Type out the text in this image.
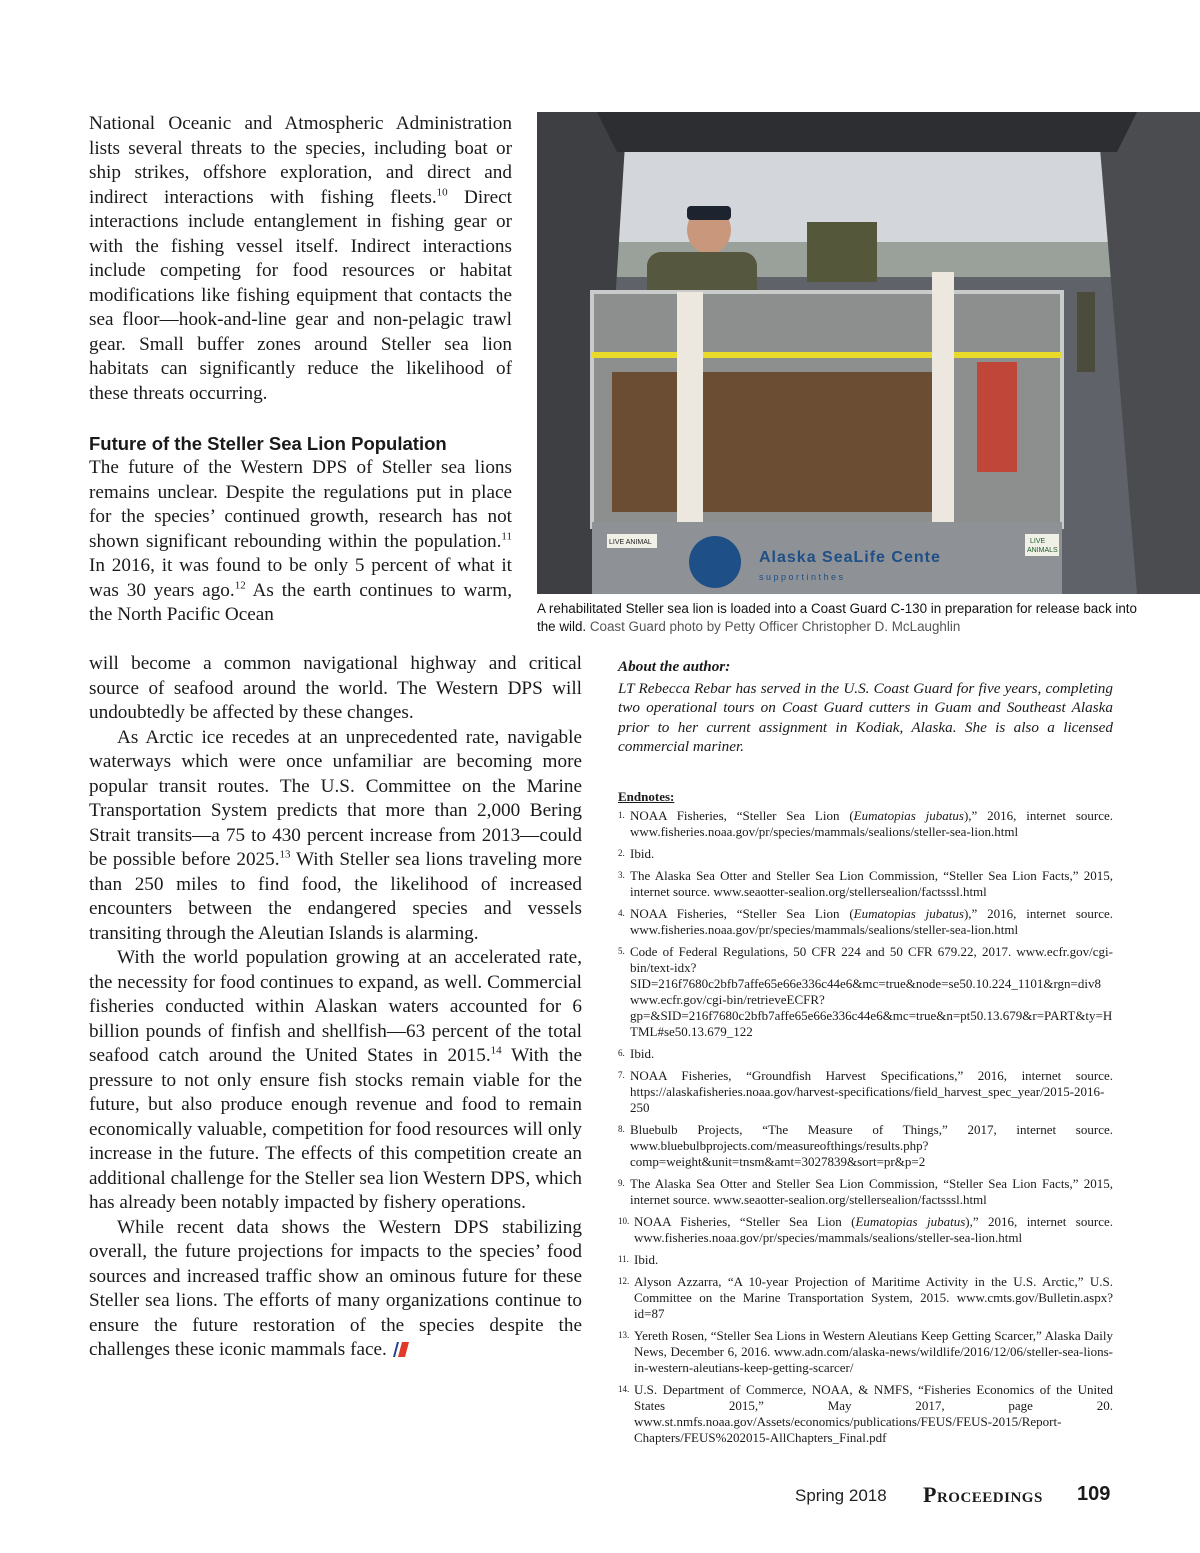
National Oceanic and Atmospheric Administration lists several threats to the species, including boat or ship strikes, offshore exploration, and direct and indirect interactions with fishing fleets.$^{10}$ Direct interactions include entanglement in fishing gear or with the fishing vessel itself. Indirect interactions include competing for food resources or habitat modifications like fishing equipment that contacts the sea floor—hook-and-line gear and non-pelagic trawl gear. Small buffer zones around Steller sea lion habitats can significantly reduce the likelihood of these threats occurring.

Future of the Steller Sea Lion Population

The future of the Western DPS of Steller sea lions remains unclear. Despite the regulations put in place for the species’ continued growth, research has not shown significant rebounding within the population.$^{11}$ In 2016, it was found to be only 5 percent of what it was 30 years ago.$^{12}$ As the earth continues to warm, the North Pacific Ocean

will become a common navigational highway and critical source of seafood around the world. The Western DPS will undoubtedly be affected by these changes.

As Arctic ice recedes at an unprecedented rate, navigable waterways which were once unfamiliar are becoming more popular transit routes. The U.S. Committee on the Marine Transportation System predicts that more than 2,000 Bering Strait transits—a 75 to 430 percent increase from 2013—could be possible before 2025.13 With Steller sea lions traveling more than 250 miles to find food, the likelihood of increased encounters between the endangered species and vessels transiting through the Aleutian Islands is alarming.

With the world population growing at an accelerated rate, the necessity for food continues to expand, as well. Commercial fisheries conducted within Alaskan waters accounted for 6 billion pounds of finfish and shellfish—63 percent of the total seafood catch around the United States in 2015.14 With the pressure to not only ensure fish stocks remain viable for the future, but also produce enough revenue and food to remain economically valuable, competition for food resources will only increase in the future. The effects of this competition create an additional challenge for the Steller sea lion Western DPS, which has already been notably impacted by fishery operations.

While recent data shows the Western DPS stabilizing overall, the future projections for impacts to the species’ food sources and increased traffic show an ominous future for these Steller sea lions. The efforts of many organizations continue to ensure the future restoration of the species despite the challenges these iconic mammals face.

LIVE ANIMAL	LIVE
ANIMALS
Alaska SeaLife Cente
s u p p o r t i n t h e s
A rehabilitated Steller sea lion is loaded into a Coast Guard C-130 in preparation for release back into the wild. Coast Guard photo by Petty Officer Christopher D. McLaughlin
About the author:
LT Rebecca Rebar has served in the U.S. Coast Guard for five years, completing two operational tours on Coast Guard cutters in Guam and Southeast Alaska prior to her current assignment in Kodiak, Alaska. She is also a licensed commercial mariner.
Endnotes:
1. NOAA Fisheries, “Steller Sea Lion (Eumatopias jubatus),” 2016, internet source. www.fisheries.noaa.gov/pr/species/mammals/sealions/steller-sea-lion.html
2. Ibid.
3. The Alaska Sea Otter and Steller Sea Lion Commission, “Steller Sea Lion Facts,” 2015, internet source. www.seaotter-sealion.org/stellersealion/factsssl.html
4. NOAA Fisheries, “Steller Sea Lion (Eumatopias jubatus),” 2016, internet source. www.fisheries.noaa.gov/pr/species/mammals/sealions/steller-sea-lion.html
5. Code of Federal Regulations, 50 CFR 224 and 50 CFR 679.22, 2017. www.ecfr.gov/cgi-bin/text-idx?SID=216f7680c2bfb7affe65e66e336c44e6&mc=true&node=se50.10.224_1101&rgn=div8
www.ecfr.gov/cgi-bin/retrieveECFR?gp=&SID=216f7680c2bfb7affe65e66e336c44e6&mc=true&n=pt50.13.679&r=PART&ty=HTML#se50.13.679_122
6. Ibid.
7. NOAA Fisheries, “Groundfish Harvest Specifications,” 2016, internet source. https://alaskafisheries.noaa.gov/harvest-specifications/field_harvest_spec_year/2015-2016-250
8. Bluebulb Projects, “The Measure of Things,” 2017, internet source. www.bluebulbprojects.com/measureofthings/results.php?comp=weight&unit=tnsm&amt=3027839&sort=pr&p=2
9. The Alaska Sea Otter and Steller Sea Lion Commission, “Steller Sea Lion Facts,” 2015, internet source. www.seaotter-sealion.org/stellersealion/factsssl.html
10. NOAA Fisheries, “Steller Sea Lion (Eumatopias jubatus),” 2016, internet source. www.fisheries.noaa.gov/pr/species/mammals/sealions/steller-sea-lion.html
11. Ibid.
12. Alyson Azzarra, “A 10-year Projection of Maritime Activity in the U.S. Arctic,” U.S. Committee on the Marine Transportation System, 2015. www.cmts.gov/Bulletin.aspx?id=87
13. Yereth Rosen, “Steller Sea Lions in Western Aleutians Keep Getting Scarcer,” Alaska Daily News, December 6, 2016. www.adn.com/alaska-news/wildlife/2016/12/06/steller-sea-lions-in-western-aleutians-keep-getting-scarcer/
14. U.S. Department of Commerce, NOAA, & NMFS, “Fisheries Economics of the United States 2015,” May 2017, page 20. www.st.nmfs.noaa.gov/Assets/economics/publications/FEUS/FEUS-2015/Report-Chapters/FEUS%202015-AllChapters_Final.pdf
Spring 2018 Proceedings 109
